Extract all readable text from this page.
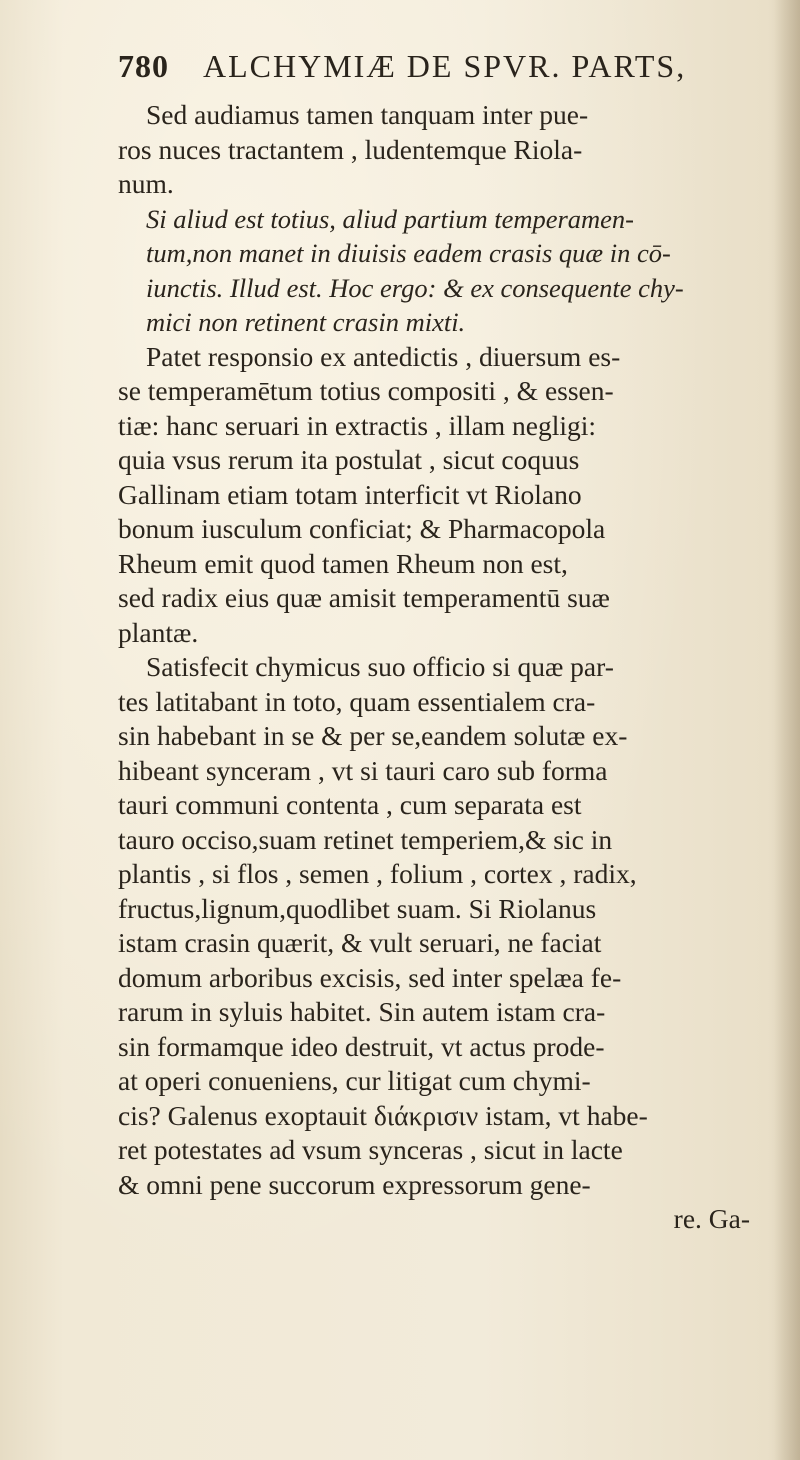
780 ALCHYMIÆ DE SPVR. PARTS,
Sed audiamus tamen tanquam inter pue-
ros nuces tractantem , ludentemque Riola-
num.
Si aliud est totius, aliud partium temperamen-
tum,non manet in diuisis eadem crasis quæ in cō-
iunctis. Illud est. Hoc ergo: & ex consequente chy-
mici non retinent crasin mixti.
Patet responsio ex antedictis , diuersum es-
se temperamētum totius compositi , & essen-
tiæ: hanc seruari in extractis , illam negligi:
quia vsus rerum ita postulat , sicut coquus
Gallinam etiam totam interficit vt Riolano
bonum iusculum conficiat; & Pharmacopola
Rheum emit quod tamen Rheum non est,
sed radix eius quæ amisit temperamentū suæ
plantæ.
Satisfecit chymicus suo officio si quæ par-
tes latitabant in toto, quam essentialem cra-
sin habebant in se & per se,eandem solutæ ex-
hibeant syncеram , vt si tauri caro sub forma
tauri communi contenta , cum separata est
tauro occiso,suam retinet temperiem,& sic in
plantis , si flos , semen , folium , cortex , radix,
fructus,lignum,quodlibet suam. Si Riolanus
istam crasin quærit, & vult seruari, ne faciat
domum arboribus excisis, sed inter spelæa fe-
rarum in syluis habitet. Sin autem istam cra-
sin formamque ideo destruit, vt actus prode-
at operi conueniens, cur litigat cum chymi-
cis? Galenus exoptauit διάκρισιν istam, vt habe-
ret potestates ad vsum synceras , sicut in lacte
& omni pene succorum expressorum gene-
re. Ga-
